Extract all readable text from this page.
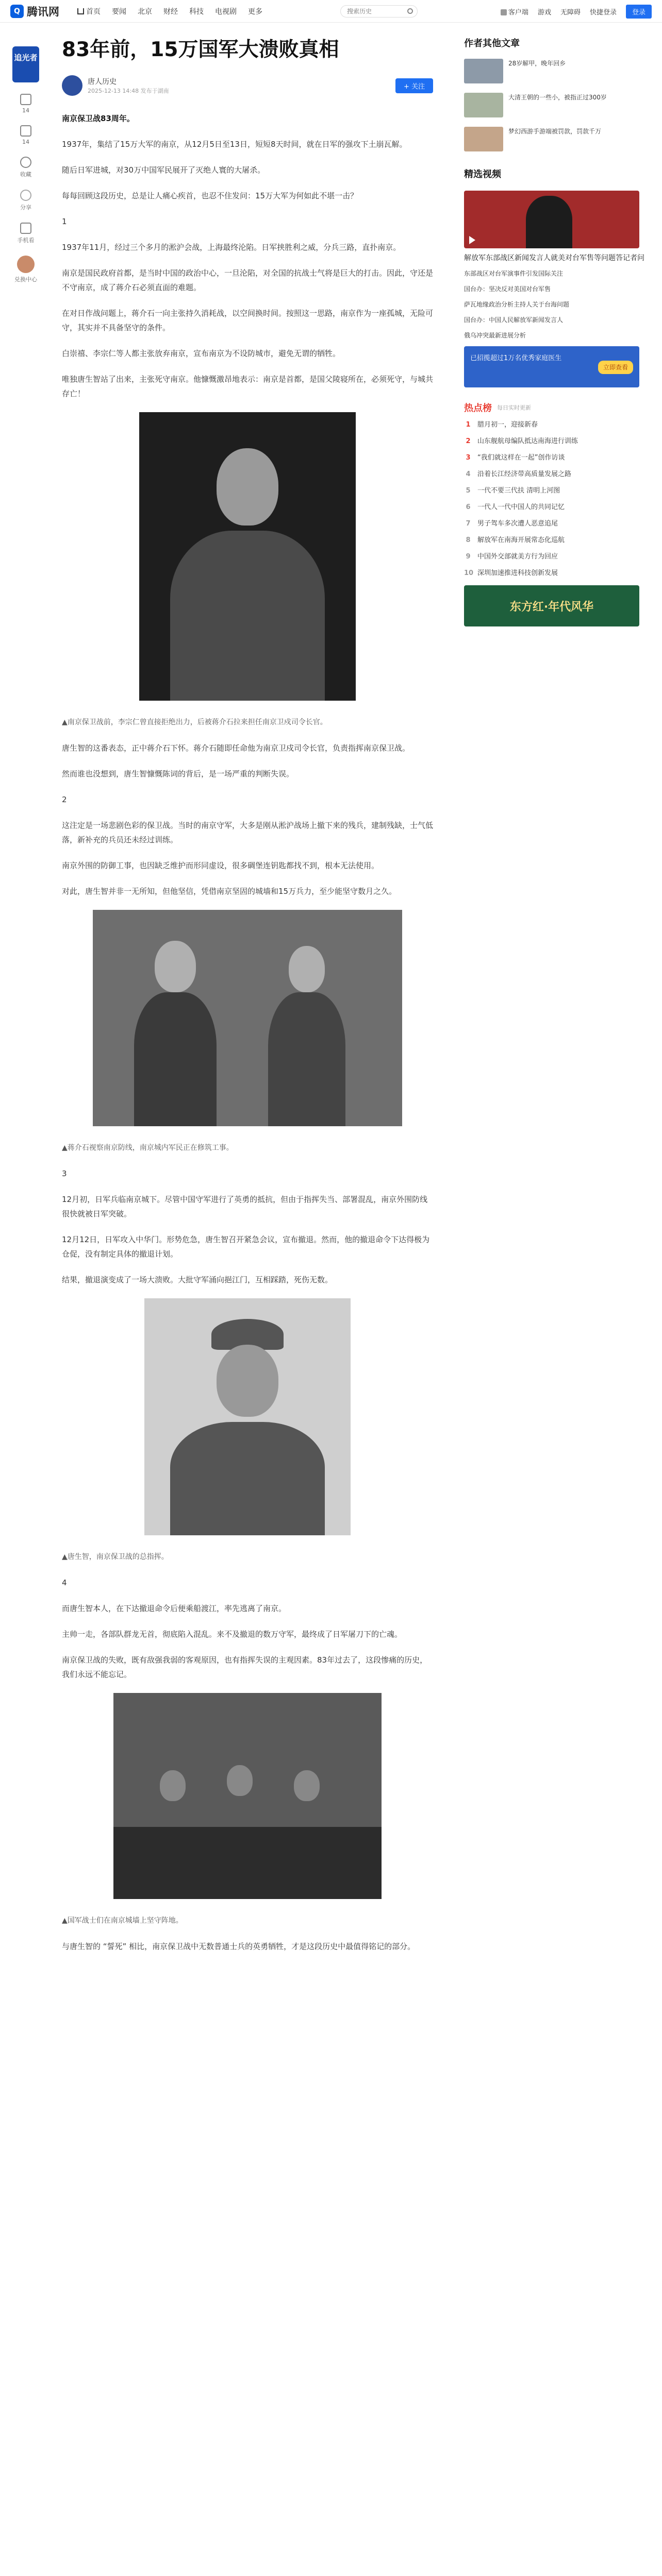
Q 腾讯网	首页 要闻 北京 财经 科技 电视剧 更多
搜索历史	客户端 游戏 无障碍 快捷登录	登录
追光者
14
14
收藏
分享
手机看
兑换中心
83年前，15万国军大溃败真相
唐人历史
2025-12-13 14:48 发布于湖南
+ 关注

南京保卫战83周年。

1937年，集结了15万大军的南京，从12月5日至13日，短短8天时间，就在日军的强攻下土崩瓦解。

随后日军进城，对30万中国军民展开了灭绝人寰的大屠杀。

每每回顾这段历史，总是让人痛心疾首，也忍不住发问：15万大军为何如此不堪一击？

1

1937年11月，经过三个多月的淞沪会战，上海最终沦陷。日军挟胜利之威，分兵三路，直扑南京。

南京是国民政府首都，是当时中国的政治中心，一旦沦陷，对全国的抗战士气将是巨大的打击。因此，守还是不守南京，成了蒋介石必须直面的难题。

在对日作战问题上，蒋介石一向主张持久消耗战，以空间换时间。按照这一思路，南京作为一座孤城，无险可守，其实并不具备坚守的条件。

白崇禧、李宗仁等人都主张放弃南京，宣布南京为不设防城市，避免无谓的牺牲。

唯独唐生智站了出来，主张死守南京。他慷慨激昂地表示：南京是首都，是国父陵寝所在，必须死守，与城共存亡！

▲南京保卫战前，李宗仁曾直接拒绝出力，后被蒋介石拉来担任南京卫戍司令长官。

唐生智的这番表态，正中蒋介石下怀。蒋介石随即任命他为南京卫戍司令长官，负责指挥南京保卫战。

然而谁也没想到，唐生智慷慨陈词的背后，是一场严重的判断失误。

2

这注定是一场悲剧色彩的保卫战。当时的南京守军，大多是刚从淞沪战场上撤下来的残兵，建制残缺，士气低落，新补充的兵员还未经过训练。

南京外围的防御工事，也因缺乏维护而形同虚设，很多碉堡连钥匙都找不到，根本无法使用。

对此，唐生智并非一无所知，但他坚信，凭借南京坚固的城墙和15万兵力，至少能坚守数月之久。

▲蒋介石视察南京防线，南京城内军民正在修筑工事。

3

12月初，日军兵临南京城下。尽管中国守军进行了英勇的抵抗，但由于指挥失当、部署混乱，南京外围防线很快就被日军突破。

12月12日，日军攻入中华门。形势危急，唐生智召开紧急会议，宣布撤退。然而，他的撤退命令下达得极为仓促，没有制定具体的撤退计划。

结果，撤退演变成了一场大溃败。大批守军涌向挹江门，互相踩踏，死伤无数。

▲唐生智，南京保卫战的总指挥。

4

而唐生智本人，在下达撤退命令后便乘船渡江，率先逃离了南京。

主帅一走，各部队群龙无首，彻底陷入混乱。来不及撤退的数万守军，最终成了日军屠刀下的亡魂。

南京保卫战的失败，既有敌强我弱的客观原因，也有指挥失误的主观因素。83年过去了，这段惨痛的历史，我们永远不能忘记。

▲国军战士们在南京城墙上坚守阵地。

与唐生智的 “誓死” 相比，南京保卫战中无数普通士兵的英勇牺牲，才是这段历史中最值得铭记的部分。

作者其他文章
28岁解甲，晚年回乡
大清王朝的一些小，被指正过300岁
梦幻西游手游端被罚款，罚款千万
精选视频
解放军东部战区新闻发言人就美对台军售等问题答记者问
东部战区对台军演事件引发国际关注
国台办：坚决反对美国对台军售
萨瓦地缘政治分析主持人关于台海问题
国台办：中国人民解放军新闻发言人
俄乌冲突最新进展分析
已招揽超过1万名优秀家庭医生
立即查看
热点榜 每日实时更新
1 腊月初一，迎接新春
2 山东舰航母编队抵达南海进行训练
3 “我们就这样在一起”创作访谈
4 沿着长江经济带高质量发展之路
5 一代不要三代扶 清明上河图
6 一代人一代中国人的共同记忆
7 男子驾车多次遭人恶意追尾
8 解放军在南海开展常态化巡航
9 中国外交部就美方行为回应
10 深圳加速推进科技创新发展
东方红·年代风华
